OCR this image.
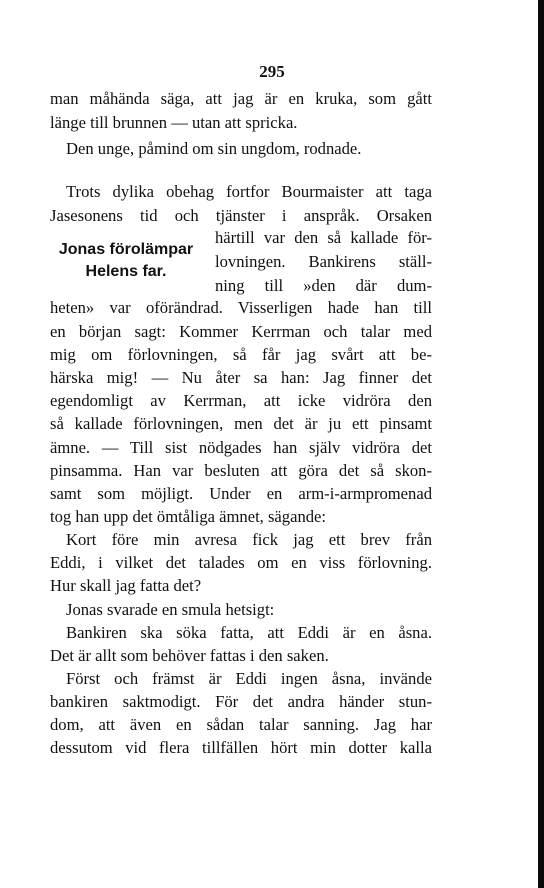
295
man måhända säga, att jag är en kruka, som gått
länge till brunnen — utan att spricka.
Den unge, påmind om sin ungdom, rodnade.
Trots dylika obehag fortfor Bourmaister att taga
Jasesonens tid och tjänster i anspråk. Orsaken
härtill var den så kallade för-
lovningen. Bankirens ställ-
ning till »den där dum-
Jonas förolämpar
Helens far.
heten» var oförändrad. Visserligen hade han till
en början sagt: Kommer Kerrman och talar med
mig om förlovningen, så får jag svårt att be-
härska mig! — Nu åter sa han: Jag finner det
egendomligt av Kerrman, att icke vidröra den
så kallade förlovningen, men det är ju ett pinsamt
ämne. — Till sist nödgades han själv vidröra det
pinsamma. Han var besluten att göra det så skon-
samt som möjligt. Under en arm-i-armpromenad
tog han upp det ömtåliga ämnet, sägande:
Kort före min avresa fick jag ett brev från
Eddi, i vilket det talades om en viss förlovning.
Hur skall jag fatta det?
Jonas svarade en smula hetsigt:
Bankiren ska söka fatta, att Eddi är en åsna.
Det är allt som behöver fattas i den saken.
Först och främst är Eddi ingen åsna, invände
bankiren saktmodigt. För det andra händer stun-
dom, att även en sådan talar sanning. Jag har
dessutom vid flera tillfällen hört min dotter kalla
